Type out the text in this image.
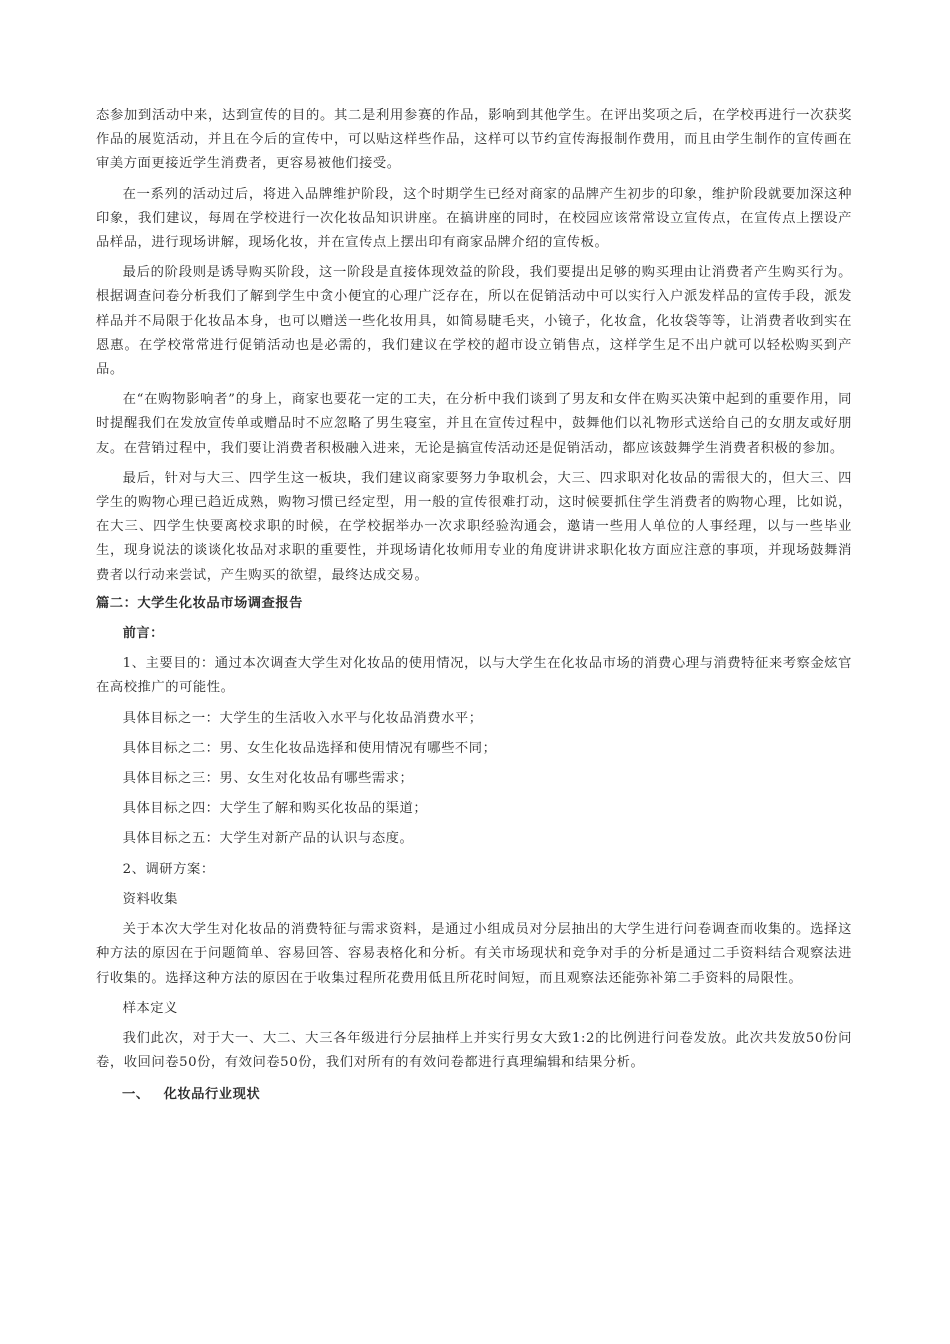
态参加到活动中来，达到宣传的目的。其二是利用参赛的作品，影响到其他学生。在评出奖项之后，在学校再进行一次获奖作品的展览活动，并且在今后的宣传中，可以贴这样些作品，这样可以节约宣传海报制作费用，而且由学生制作的宣传画在审美方面更接近学生消费者，更容易被他们接受。

在一系列的活动过后，将进入品牌维护阶段，这个时期学生已经对商家的品牌产生初步的印象，维护阶段就要加深这种印象，我们建议，每周在学校进行一次化妆品知识讲座。在搞讲座的同时，在校园应该常常设立宣传点，在宣传点上摆设产品样品，进行现场讲解，现场化妆，并在宣传点上摆出印有商家品牌介绍的宣传板。

最后的阶段则是诱导购买阶段，这一阶段是直接体现效益的阶段，我们要提出足够的购买理由让消费者产生购买行为。根据调查问卷分析我们了解到学生中贪小便宜的心理广泛存在，所以在促销活动中可以实行入户派发样品的宣传手段，派发样品并不局限于化妆品本身，也可以赠送一些化妆用具，如简易睫毛夹，小镜子，化妆盒，化妆袋等等，让消费者收到实在恩惠。在学校常常进行促销活动也是必需的，我们建议在学校的超市设立销售点，这样学生足不出户就可以轻松购买到产品。

在“在购物影响者”的身上，商家也要花一定的工夫，在分析中我们谈到了男友和女伴在购买决策中起到的重要作用，同时提醒我们在发放宣传单或赠品时不应忽略了男生寝室，并且在宣传过程中，鼓舞他们以礼物形式送给自己的女朋友或好朋友。在营销过程中，我们要让消费者积极融入进来，无论是搞宣传活动还是促销活动，都应该鼓舞学生消费者积极的参加。

最后，针对与大三、四学生这一板块，我们建议商家要努力争取机会，大三、四求职对化妆品的需很大的，但大三、四学生的购物心理已趋近成熟，购物习惯已经定型，用一般的宣传很难打动，这时候要抓住学生消费者的购物心理，比如说，在大三、四学生快要离校求职的时候，在学校据举办一次求职经验沟通会，邀请一些用人单位的人事经理，以与一些毕业生，现身说法的谈谈化妆品对求职的重要性，并现场请化妆师用专业的角度讲讲求职化妆方面应注意的事项，并现场鼓舞消费者以行动来尝试，产生购买的欲望，最终达成交易。

篇二：大学生化妆品市场调查报告

前言：

1、主要目的：通过本次调查大学生对化妆品的使用情况，以与大学生在化妆品市场的消费心理与消费特征来考察金炫官在高校推广的可能性。

具体目标之一：大学生的生活收入水平与化妆品消费水平；

具体目标之二：男、女生化妆品选择和使用情况有哪些不同；

具体目标之三：男、女生对化妆品有哪些需求；

具体目标之四：大学生了解和购买化妆品的渠道；

具体目标之五：大学生对新产品的认识与态度。

2、调研方案：

资料收集

关于本次大学生对化妆品的消费特征与需求资料，是通过小组成员对分层抽出的大学生进行问卷调查而收集的。选择这种方法的原因在于问题简单、容易回答、容易表格化和分析。有关市场现状和竞争对手的分析是通过二手资料结合观察法进行收集的。选择这种方法的原因在于收集过程所花费用低且所花时间短，而且观察法还能弥补第二手资料的局限性。

样本定义

我们此次，对于大一、大二、大三各年级进行分层抽样上并实行男女大致1:2的比例进行问卷发放。此次共发放50份问卷，收回问卷50份，有效问卷50份，我们对所有的有效问卷都进行真理编辑和结果分析。

一、 化妆品行业现状
